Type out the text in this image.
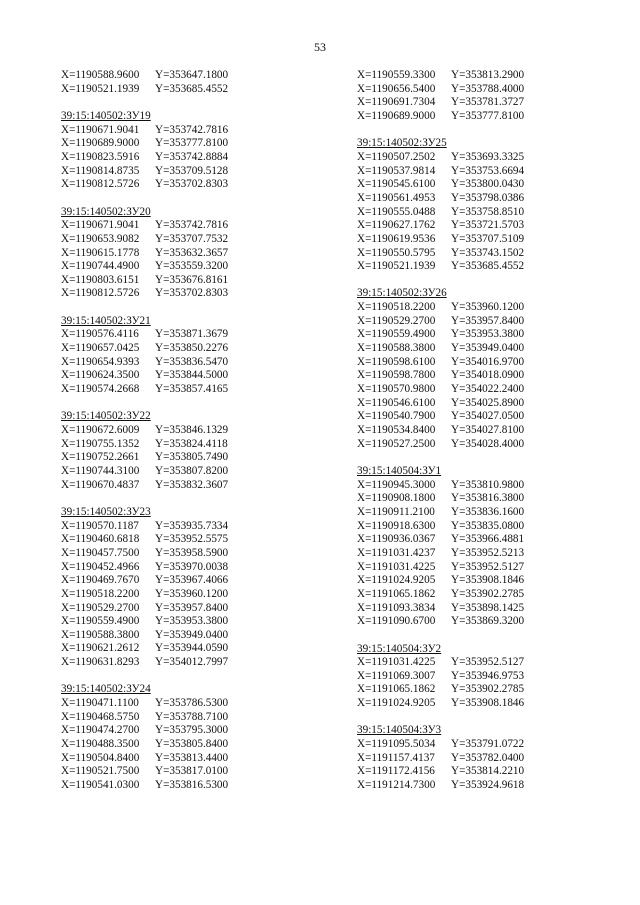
53
X=1190588.9600 Y=353647.1800
X=1190521.1939 Y=353685.4552
39:15:140502:ЗУ19
X=1190671.9041 Y=353742.7816
X=1190689.9000 Y=353777.8100
X=1190823.5916 Y=353742.8884
X=1190814.8735 Y=353709.5128
X=1190812.5726 Y=353702.8303
39:15:140502:ЗУ20
X=1190671.9041 Y=353742.7816
X=1190653.9082 Y=353707.7532
X=1190615.1778 Y=353632.3657
X=1190744.4900 Y=353559.3200
X=1190803.6151 Y=353676.8161
X=1190812.5726 Y=353702.8303
39:15:140502:ЗУ21
X=1190576.4116 Y=353871.3679
X=1190657.0425 Y=353850.2276
X=1190654.9393 Y=353836.5470
X=1190624.3500 Y=353844.5000
X=1190574.2668 Y=353857.4165
39:15:140502:ЗУ22
X=1190672.6009 Y=353846.1329
X=1190755.1352 Y=353824.4118
X=1190752.2661 Y=353805.7490
X=1190744.3100 Y=353807.8200
X=1190670.4837 Y=353832.3607
39:15:140502:ЗУ23
X=1190570.1187 Y=353935.7334
X=1190460.6818 Y=353952.5575
X=1190457.7500 Y=353958.5900
X=1190452.4966 Y=353970.0038
X=1190469.7670 Y=353967.4066
X=1190518.2200 Y=353960.1200
X=1190529.2700 Y=353957.8400
X=1190559.4900 Y=353953.3800
X=1190588.3800 Y=353949.0400
X=1190621.2612 Y=353944.0590
X=1190631.8293 Y=354012.7997
39:15:140502:ЗУ24
X=1190471.1100 Y=353786.5300
X=1190468.5750 Y=353788.7100
X=1190474.2700 Y=353795.3000
X=1190488.3500 Y=353805.8400
X=1190504.8400 Y=353813.4400
X=1190521.7500 Y=353817.0100
X=1190541.0300 Y=353816.5300
X=1190559.3300 Y=353813.2900
X=1190656.5400 Y=353788.4000
X=1190691.7304 Y=353781.3727
X=1190689.9000 Y=353777.8100
39:15:140502:ЗУ25
X=1190507.2502 Y=353693.3325
X=1190537.9814 Y=353753.6694
X=1190545.6100 Y=353800.0430
X=1190561.4953 Y=353798.0386
X=1190555.0488 Y=353758.8510
X=1190627.1762 Y=353721.5703
X=1190619.9536 Y=353707.5109
X=1190550.5795 Y=353743.1502
X=1190521.1939 Y=353685.4552
39:15:140502:ЗУ26
X=1190518.2200 Y=353960.1200
X=1190529.2700 Y=353957.8400
X=1190559.4900 Y=353953.3800
X=1190588.3800 Y=353949.0400
X=1190598.6100 Y=354016.9700
X=1190598.7800 Y=354018.0900
X=1190570.9800 Y=354022.2400
X=1190546.6100 Y=354025.8900
X=1190540.7900 Y=354027.0500
X=1190534.8400 Y=354027.8100
X=1190527.2500 Y=354028.4000
39:15:140504:ЗУ1
X=1190945.3000 Y=353810.9800
X=1190908.1800 Y=353816.3800
X=1190911.2100 Y=353836.1600
X=1190918.6300 Y=353835.0800
X=1190936.0367 Y=353966.4881
X=1191031.4237 Y=353952.5213
X=1191031.4225 Y=353952.5127
X=1191024.9205 Y=353908.1846
X=1191065.1862 Y=353902.2785
X=1191093.3834 Y=353898.1425
X=1191090.6700 Y=353869.3200
39:15:140504:ЗУ2
X=1191031.4225 Y=353952.5127
X=1191069.3007 Y=353946.9753
X=1191065.1862 Y=353902.2785
X=1191024.9205 Y=353908.1846
39:15:140504:ЗУ3
X=1191095.5034 Y=353791.0722
X=1191157.4137 Y=353782.0400
X=1191172.4156 Y=353814.2210
X=1191214.7300 Y=353924.9618
